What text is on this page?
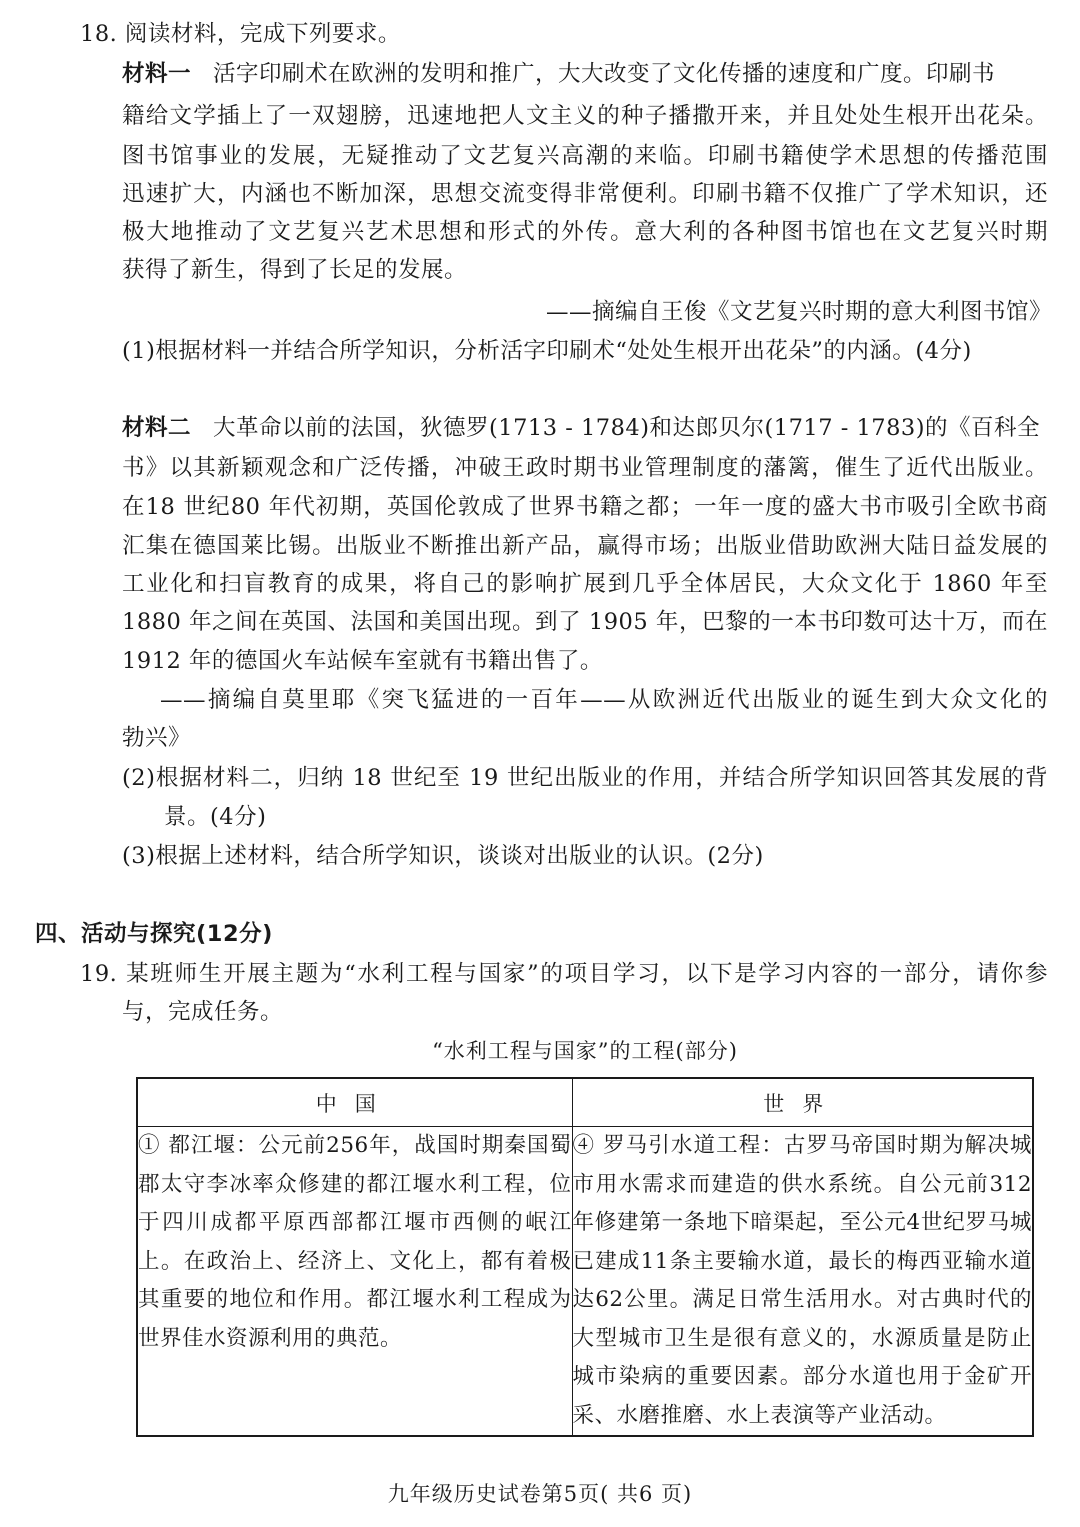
18. 阅读材料，完成下列要求。
材料一 活字印刷术在欧洲的发明和推广，大大改变了文化传播的速度和广度。印刷书
籍给文学插上了一双翅膀，迅速地把人文主义的种子播撒开来，并且处处生根开出花朵。
图书馆事业的发展，无疑推动了文艺复兴高潮的来临。印刷书籍使学术思想的传播范围
迅速扩大，内涵也不断加深，思想交流变得非常便利。印刷书籍不仅推广了学术知识，还
极大地推动了文艺复兴艺术思想和形式的外传。意大利的各种图书馆也在文艺复兴时期
获得了新生，得到了长足的发展。
——摘编自王俊《文艺复兴时期的意大利图书馆》
(1)根据材料一并结合所学知识，分析活字印刷术“处处生根开出花朵”的内涵。(4分)
材料二 大革命以前的法国，狄德罗(1713 - 1784)和达郎贝尔(1717 - 1783)的《百科全
书》以其新颖观念和广泛传播，冲破王政时期书业管理制度的藩篱，催生了近代出版业。
在18 世纪80 年代初期，英国伦敦成了世界书籍之都；一年一度的盛大书市吸引全欧书商
汇集在德国莱比锡。出版业不断推出新产品，赢得市场；出版业借助欧洲大陆日益发展的
工业化和扫盲教育的成果，将自己的影响扩展到几乎全体居民，大众文化于 1860 年至
1880 年之间在英国、法国和美国出现。到了 1905 年，巴黎的一本书印数可达十万，而在
1912 年的德国火车站候车室就有书籍出售了。
——摘编自莫里耶《突飞猛进的一百年——从欧洲近代出版业的诞生到大众文化的
勃兴》
(2)根据材料二，归纳 18 世纪至 19 世纪出版业的作用，并结合所学知识回答其发展的背
景。(4分)
(3)根据上述材料，结合所学知识，谈谈对出版业的认识。(2分)
四、活动与探究(12分)
19. 某班师生开展主题为“水利工程与国家”的项目学习，以下是学习内容的一部分，请你参
与，完成任务。
“水利工程与国家”的工程(部分)
中国	世界
① 都江堰：公元前256年，战国时期秦国蜀郡太守李冰率众修建的都江堰水利工程，位于四川成都平原西部都江堰市西侧的岷江上。在政治上、经济上、文化上，都有着极其重要的地位和作用。都江堰水利工程成为世界佳水资源利用的典范。	④ 罗马引水道工程：古罗马帝国时期为解决城市用水需求而建造的供水系统。自公元前312年修建第一条地下暗渠起，至公元4世纪罗马城已建成11条主要输水道，最长的梅西亚输水道达62公里。满足日常生活用水。对古典时代的大型城市卫生是很有意义的，水源质量是防止城市染病的重要因素。部分水道也用于金矿开采、水磨推磨、水上表演等产业活动。
九年级历史试卷第5页( 共6 页)
